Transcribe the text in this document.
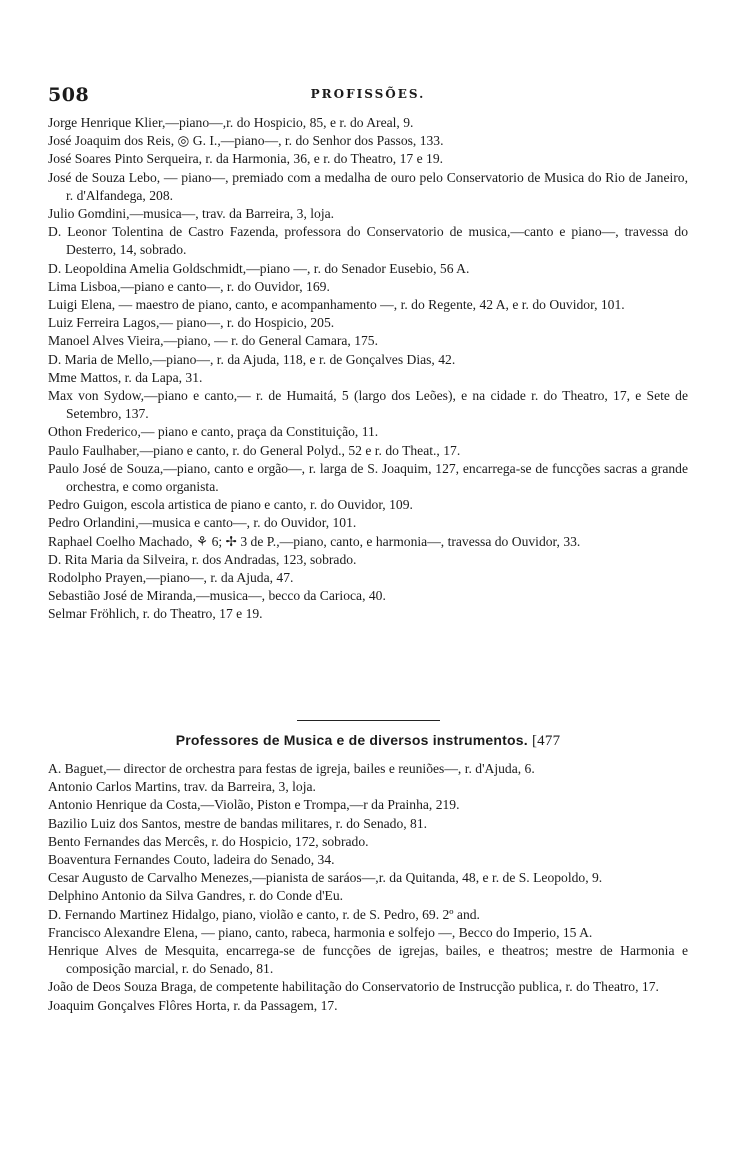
508	PROFISSÕES.

Jorge Henrique Klier,—piano—,r. do Hospicio, 85, e r. do Areal, 9.

José Joaquim dos Reis, ◎ G. I.,—piano—, r. do Senhor dos Passos, 133.

José Soares Pinto Serqueira, r. da Harmonia, 36, e r. do Theatro, 17 e 19.

José de Souza Lebo, — piano—, premiado com a medalha de ouro pelo Conservatorio de Musica do Rio de Janeiro, r. d'Alfandega, 208.

Julio Gomdini,—musica—, trav. da Barreira, 3, loja.

D. Leonor Tolentina de Castro Fazenda, professora do Conservatorio de musica,—canto e piano—, travessa do Desterro, 14, sobrado.

D. Leopoldina Amelia Goldschmidt,—piano —, r. do Senador Eusebio, 56 A.

Lima Lisboa,—piano e canto—, r. do Ouvidor, 169.

Luigi Elena, — maestro de piano, canto, e acompanhamento —, r. do Regente, 42 A, e r. do Ouvidor, 101.

Luiz Ferreira Lagos,— piano—, r. do Hospicio, 205.

Manoel Alves Vieira,—piano, — r. do General Camara, 175.

D. Maria de Mello,—piano—, r. da Ajuda, 118, e r. de Gonçalves Dias, 42.

Mme Mattos, r. da Lapa, 31.

Max von Sydow,—piano e canto,— r. de Humaitá, 5 (largo dos Leões), e na cidade r. do Theatro, 17, e Sete de Setembro, 137.

Othon Frederico,— piano e canto, praça da Constituição, 11.

Paulo Faulhaber,—piano e canto, r. do General Polyd., 52 e r. do Theat., 17.

Paulo José de Souza,—piano, canto e orgão—, r. larga de S. Joaquim, 127, encarrega-se de funcções sacras a grande orchestra, e como organista.

Pedro Guigon, escola artistica de piano e canto, r. do Ouvidor, 109.

Pedro Orlandini,—musica e canto—, r. do Ouvidor, 101.

Raphael Coelho Machado, ⚘ 6; ✢ 3 de P.,—piano, canto, e harmonia—, travessa do Ouvidor, 33.

D. Rita Maria da Silveira, r. dos Andradas, 123, sobrado.

Rodolpho Prayen,—piano—, r. da Ajuda, 47.

Sebastião José de Miranda,—musica—, becco da Carioca, 40.

Selmar Fröhlich, r. do Theatro, 17 e 19.

Professores de Musica e de diversos instrumentos. [477

A. Baguet,— director de orchestra para festas de igreja, bailes e reuniões—, r. d'Ajuda, 6.

Antonio Carlos Martins, trav. da Barreira, 3, loja.

Antonio Henrique da Costa,—Violão, Piston e Trompa,—r da Prainha, 219.

Bazilio Luiz dos Santos, mestre de bandas militares, r. do Senado, 81.

Bento Fernandes das Mercês, r. do Hospicio, 172, sobrado.

Boaventura Fernandes Couto, ladeira do Senado, 34.

Cesar Augusto de Carvalho Menezes,—pianista de saráos—,r. da Quitanda, 48, e r. de S. Leopoldo, 9.

Delphino Antonio da Silva Gandres, r. do Conde d'Eu.

D. Fernando Martinez Hidalgo, piano, violão e canto, r. de S. Pedro, 69. 2º and.

Francisco Alexandre Elena, — piano, canto, rabeca, harmonia e solfejo —, Becco do Imperio, 15 A.

Henrique Alves de Mesquita, encarrega-se de funcções de igrejas, bailes, e theatros; mestre de Harmonia e composição marcial, r. do Senado, 81.

João de Deos Souza Braga, de competente habilitação do Conservatorio de Instrucção publica, r. do Theatro, 17.

Joaquim Gonçalves Flôres Horta, r. da Passagem, 17.
